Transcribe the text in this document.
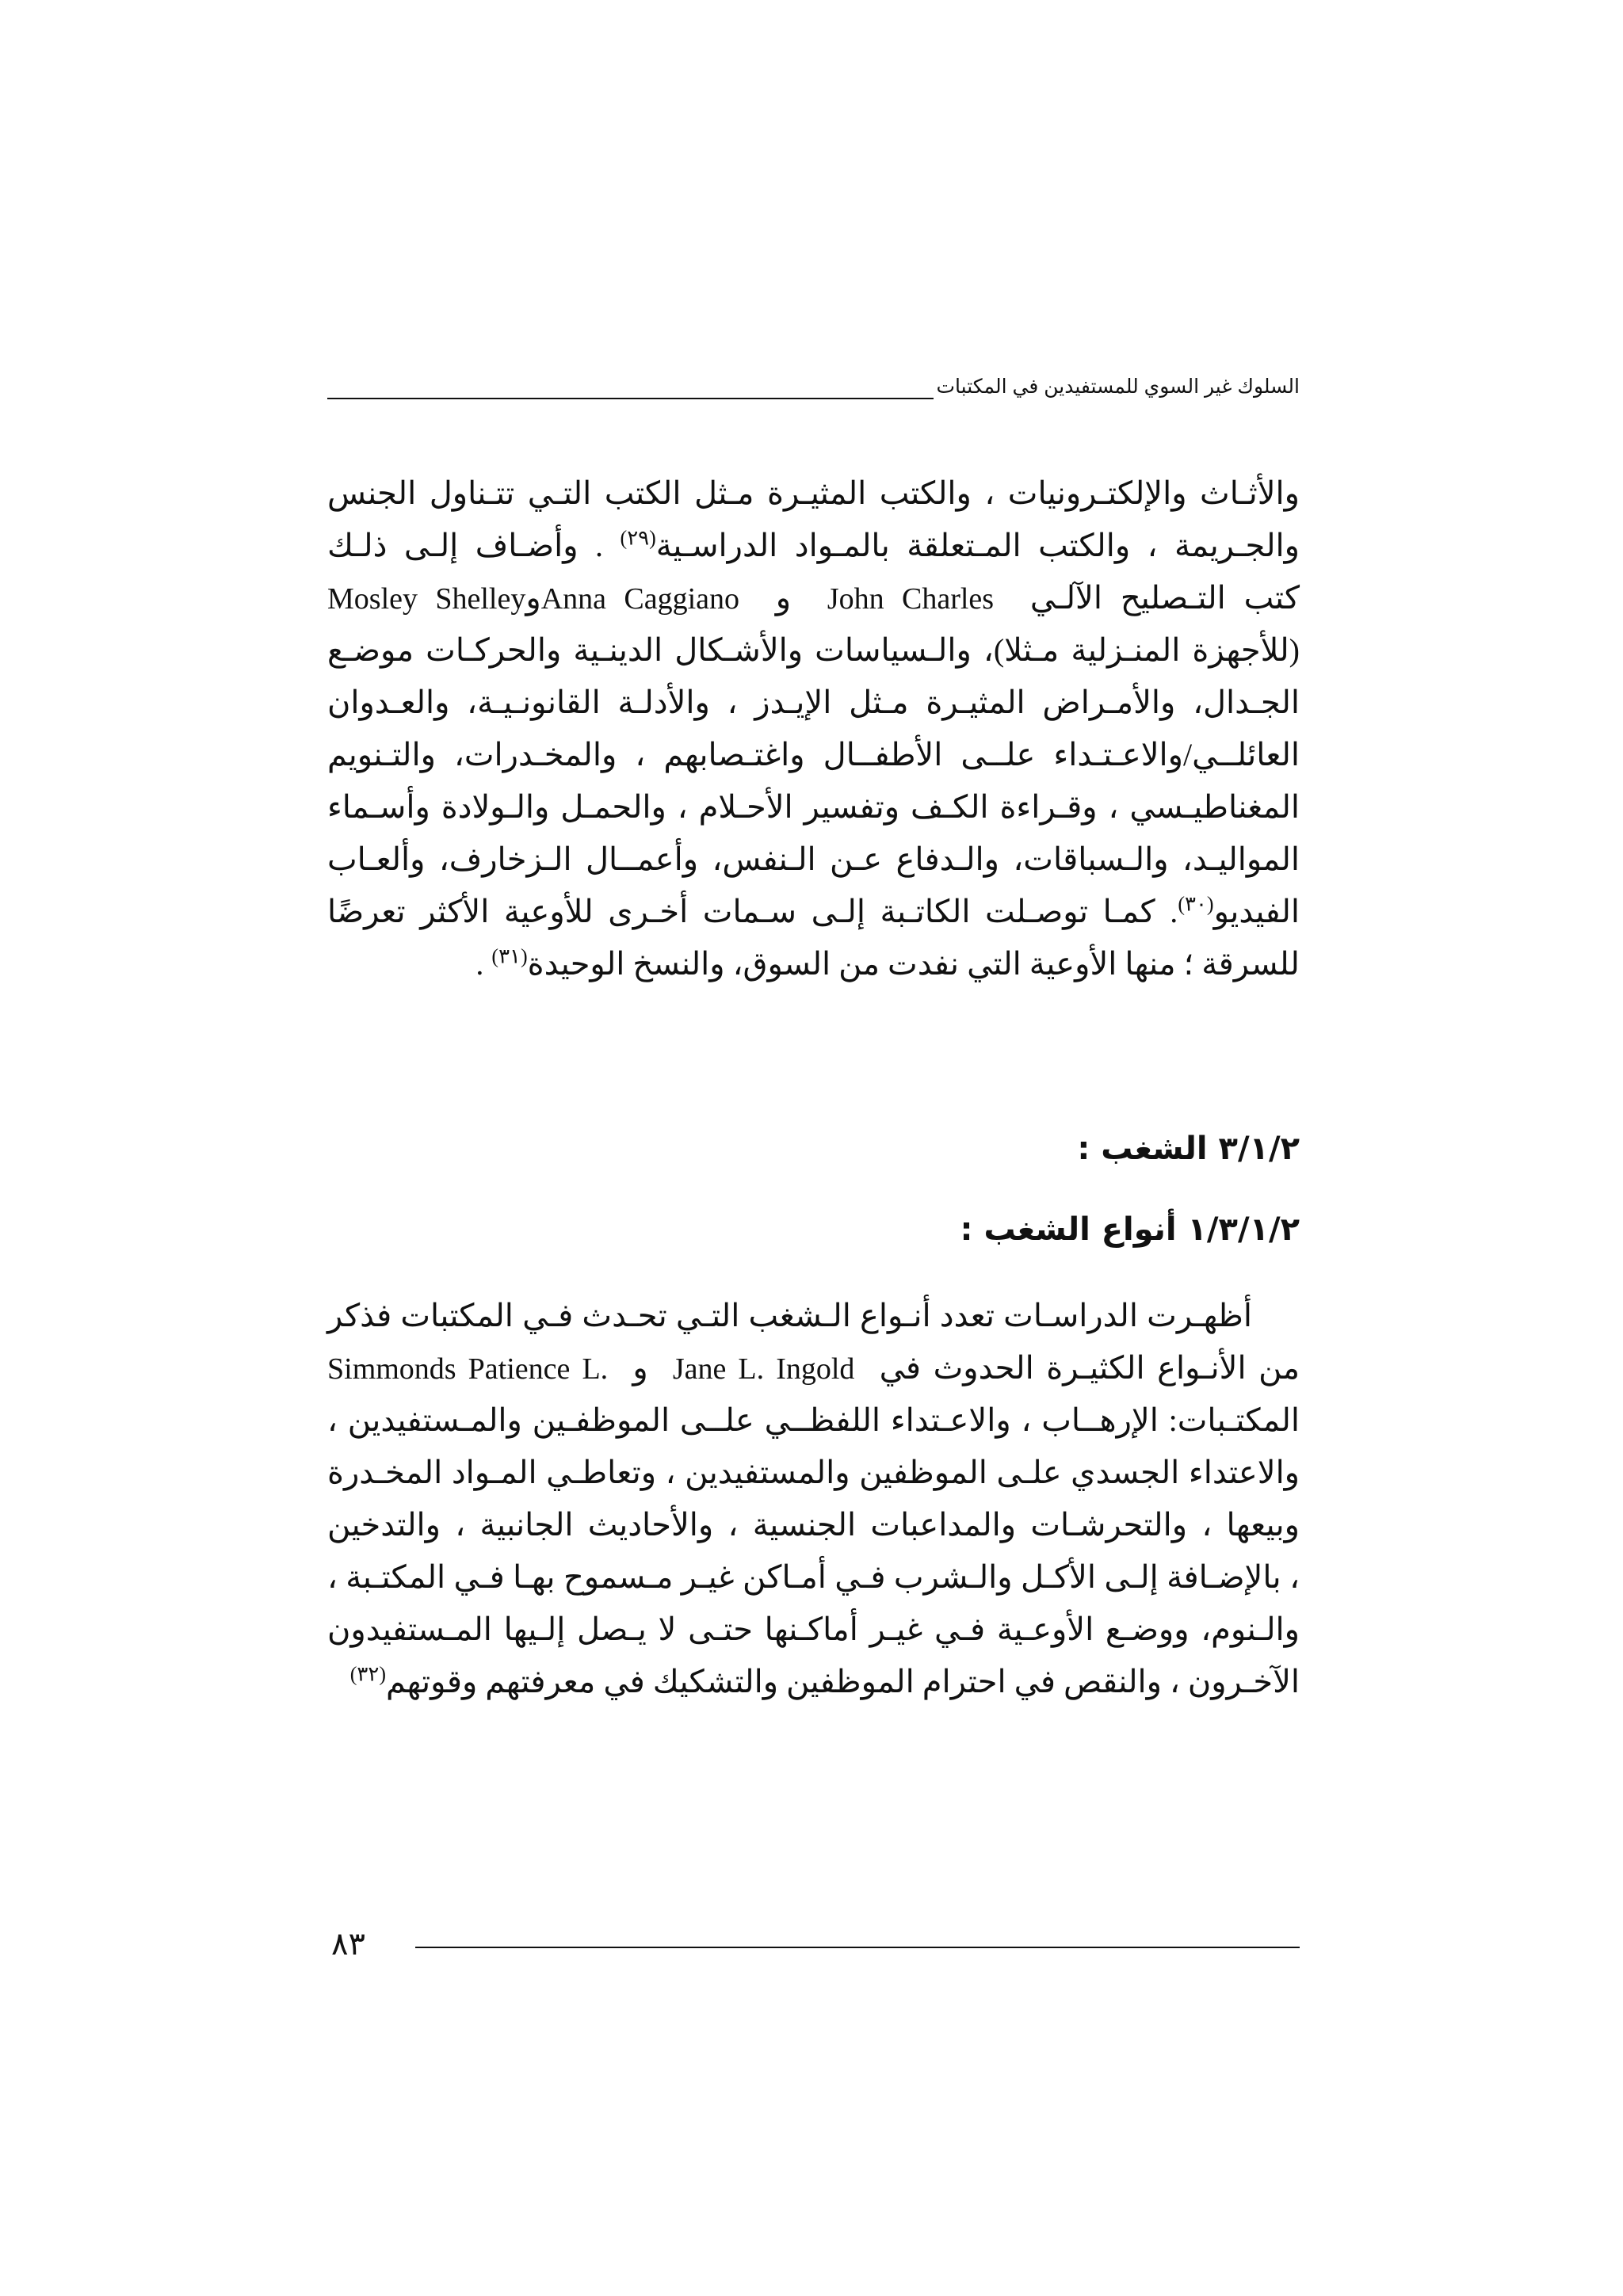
السلوك غير السوي للمستفيدين في المكتبات
والأثـاث والإلكتـرونيات ، والكتب المثيـرة مـثل الكتب التـي تتـناول الجنس
والجـريمة ، والكتب المـتعلقة بالمـواد الدراسـية$^{(٢٩)}$ . وأضـاف إلـى ذلـك
كتب التـصليح الآلـي  John Charles  و  Anna CaggianoوMosley Shelley
(للأجهزة المنـزلية مـثلا)، والـسياسات والأشـكال الدينـية والحركـات موضـع
الجـدال، والأمـراض المثيـرة مـثل الإيـدز ، والأدلـة القانونـيـة، والعـدوان
العائلــي/والاعـتـداء علــى الأطفــال واغتـصابهم ، والمخـدرات، والتـنويم
المغناطيـسي ، وقـراءة الكـف وتفسير الأحـلام ، والحمـل والـولادة وأسـماء
المواليـد، والـسباقات، والـدفاع عـن الـنفس، وأعمــال الـزخارف، وألعـاب
الفيديو$^{(٣٠)}$. كمـا توصـلت الكاتـبة إلـى سـمات أخـرى للأوعية الأكثر تعرضًا
للسرقة ؛ منها الأوعية التي نفدت من السوق، والنسخ الوحيدة$^{(٣١)}$ .
٣/١/٢ الشغب :
١/٣/١/٢ أنواع الشغب :
أظهـرت الدراسـات تعدد أنـواع الـشغب التـي تحـدث فـي المكتبات فذكر
من الأنـواع الكثيـرة الحدوث في  Jane L. Ingold  و  Simmonds Patience L.
المكتـبات: الإرهــاب ، والاعـتداء اللفظــي علــى الموظفـين والمـستفيدين ،
والاعتداء الجسدي علـى الموظفين والمستفيدين ، وتعاطـي المـواد المخـدرة
وبيعها ، والتحرشـات والمداعبات الجنسية ، والأحاديث الجانبية ، والتدخين
، بالإضـافة إلـى الأكـل والـشرب فـي أمـاكن غيـر مـسموح بهـا فـي المكتـبة ،
والـنوم، ووضـع الأوعـية فـي غيـر أماكـنها حتـى لا يـصل إلـيها المـستفيدون
الآخـرون ، والنقص في احترام الموظفين والتشكيك في معرفتهم وقوتهم$^{(٣٢)}$
٨٣
